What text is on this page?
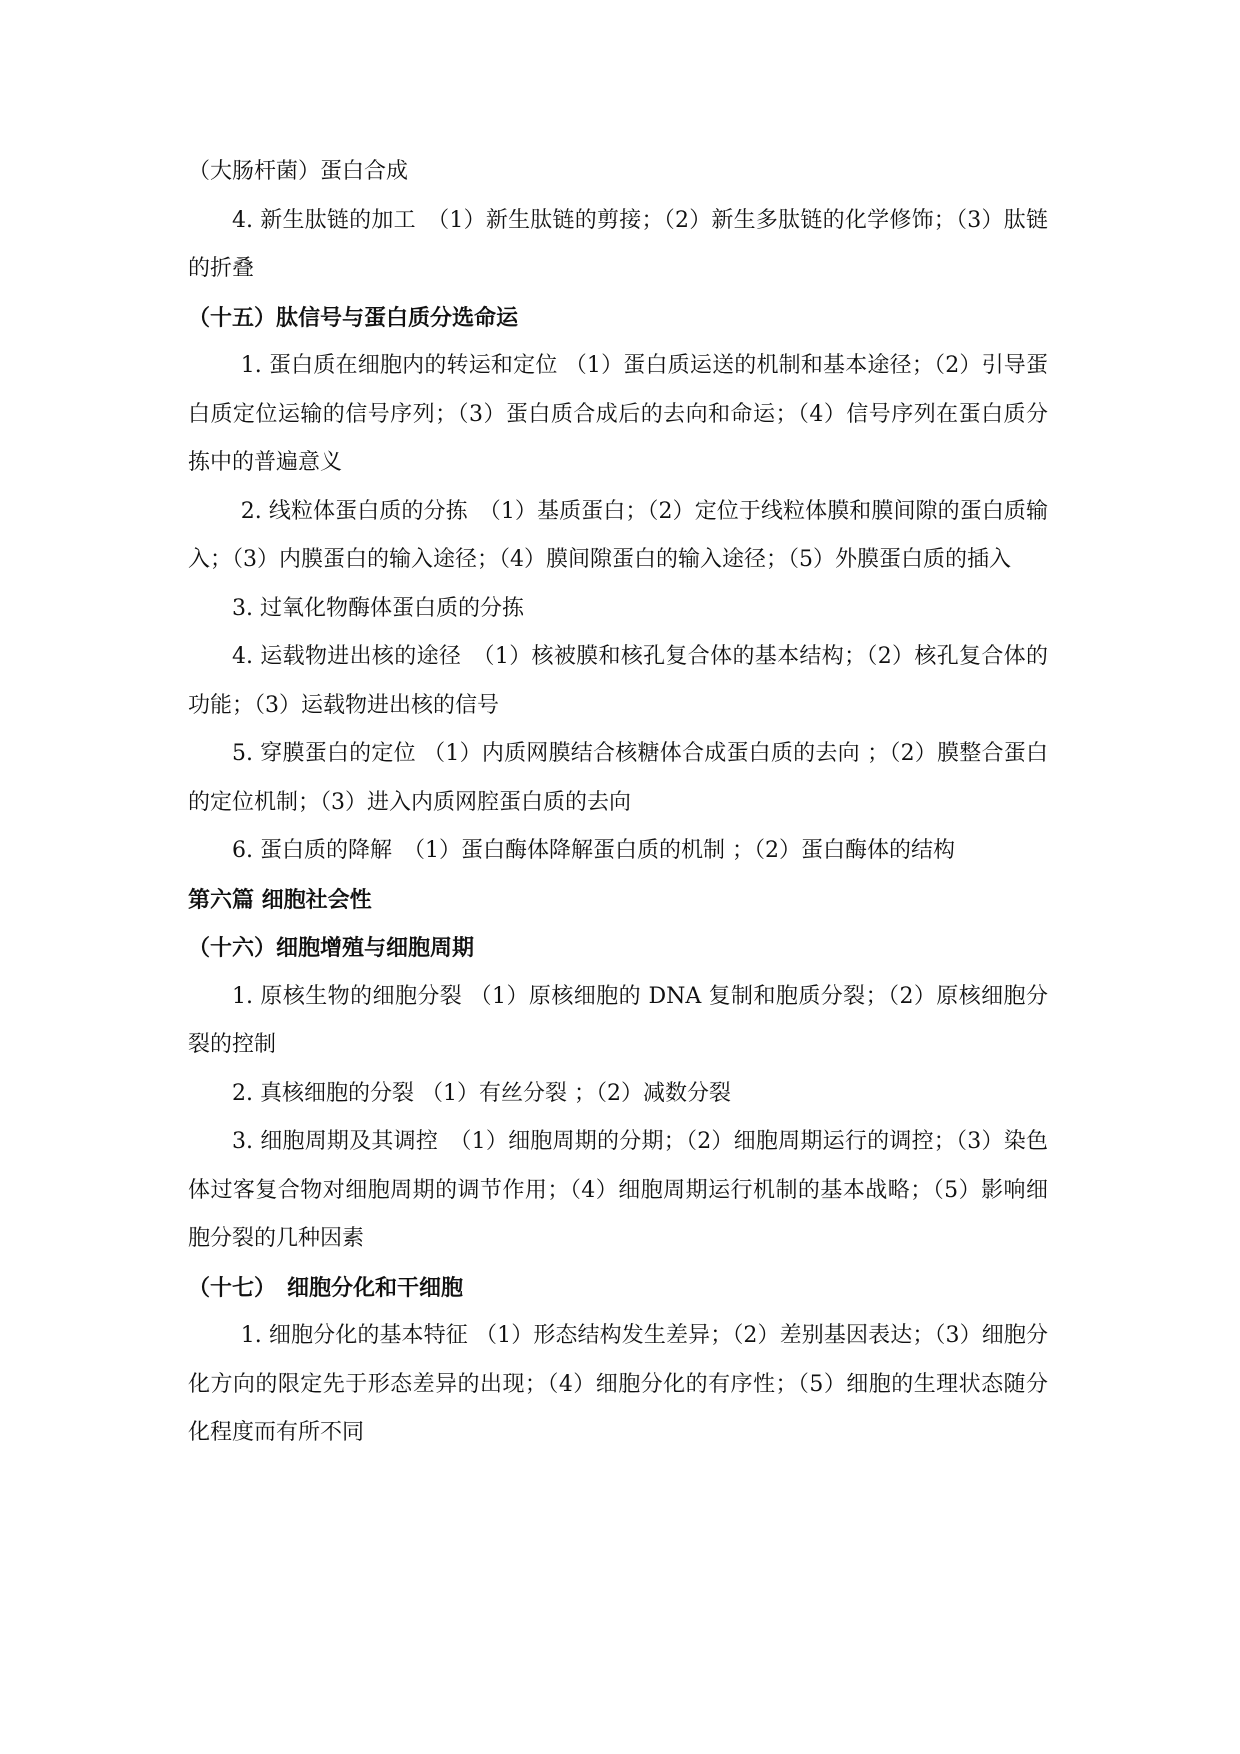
（大肠杆菌）蛋白合成

4. 新生肽链的加工　（1）新生肽链的剪接；（2）新生多肽链的化学修饰；（3）肽链的折叠

（十五）肽信号与蛋白质分选命运

1. 蛋白质在细胞内的转运和定位 （1）蛋白质运送的机制和基本途径；（2）引导蛋白质定位运输的信号序列；（3）蛋白质合成后的去向和命运；（4）信号序列在蛋白质分拣中的普遍意义

2. 线粒体蛋白质的分拣　（1）基质蛋白；（2）定位于线粒体膜和膜间隙的蛋白质输入；（3）内膜蛋白的输入途径；（4）膜间隙蛋白的输入途径；（5）外膜蛋白质的插入

3. 过氧化物酶体蛋白质的分拣

4. 运载物进出核的途径　（1）核被膜和核孔复合体的基本结构；（2）核孔复合体的功能；（3）运载物进出核的信号

5. 穿膜蛋白的定位 （1）内质网膜结合核糖体合成蛋白质的去向 ；（2）膜整合蛋白的定位机制；（3）进入内质网腔蛋白质的去向

6. 蛋白质的降解　（1）蛋白酶体降解蛋白质的机制 ；（2）蛋白酶体的结构

第六篇 细胞社会性

（十六）细胞增殖与细胞周期

1. 原核生物的细胞分裂 （1）原核细胞的 DNA 复制和胞质分裂；（2）原核细胞分裂的控制

2. 真核细胞的分裂 （1）有丝分裂 ；（2）减数分裂

3. 细胞周期及其调控　（1）细胞周期的分期；（2）细胞周期运行的调控；（3）染色体过客复合物对细胞周期的调节作用；（4）细胞周期运行机制的基本战略；（5）影响细胞分裂的几种因素

（十七）　细胞分化和干细胞

1. 细胞分化的基本特征 （1）形态结构发生差异；（2）差别基因表达；（3）细胞分化方向的限定先于形态差异的出现；（4）细胞分化的有序性；（5）细胞的生理状态随分化程度而有所不同
